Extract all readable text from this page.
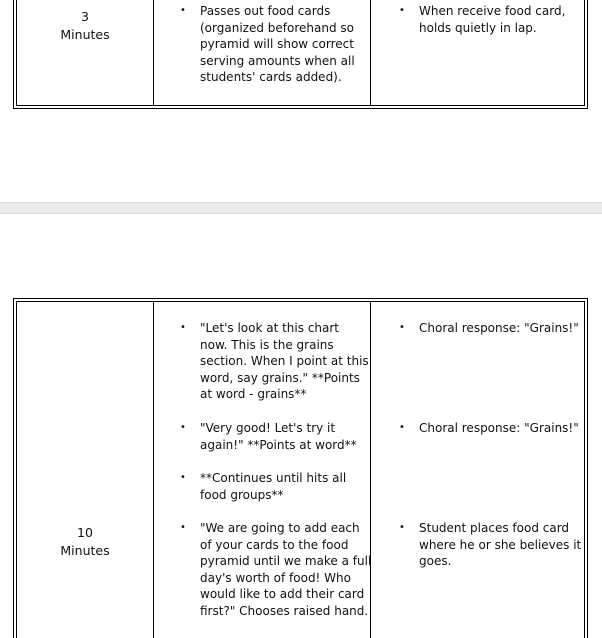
3
Minutes
• Passes out food cards
(organized beforehand so
pyramid will show correct
serving amounts when all
students' cards added).
• When receive food card,
holds quietly in lap.
10
Minutes
• "Let's look at this chart
now. This is the grains
section. When I point at this
word, say grains." **Points
at word - grains**
• "Very good! Let's try it
again!" **Points at word**
• **Continues until hits all
food groups**
• "We are going to add each
of your cards to the food
pyramid until we make a full
day's worth of food! Who
would like to add their card
first?" Chooses raised hand.
• Choral response: "Grains!"
• Choral response: "Grains!"
• Student places food card
where he or she believes it
goes.
